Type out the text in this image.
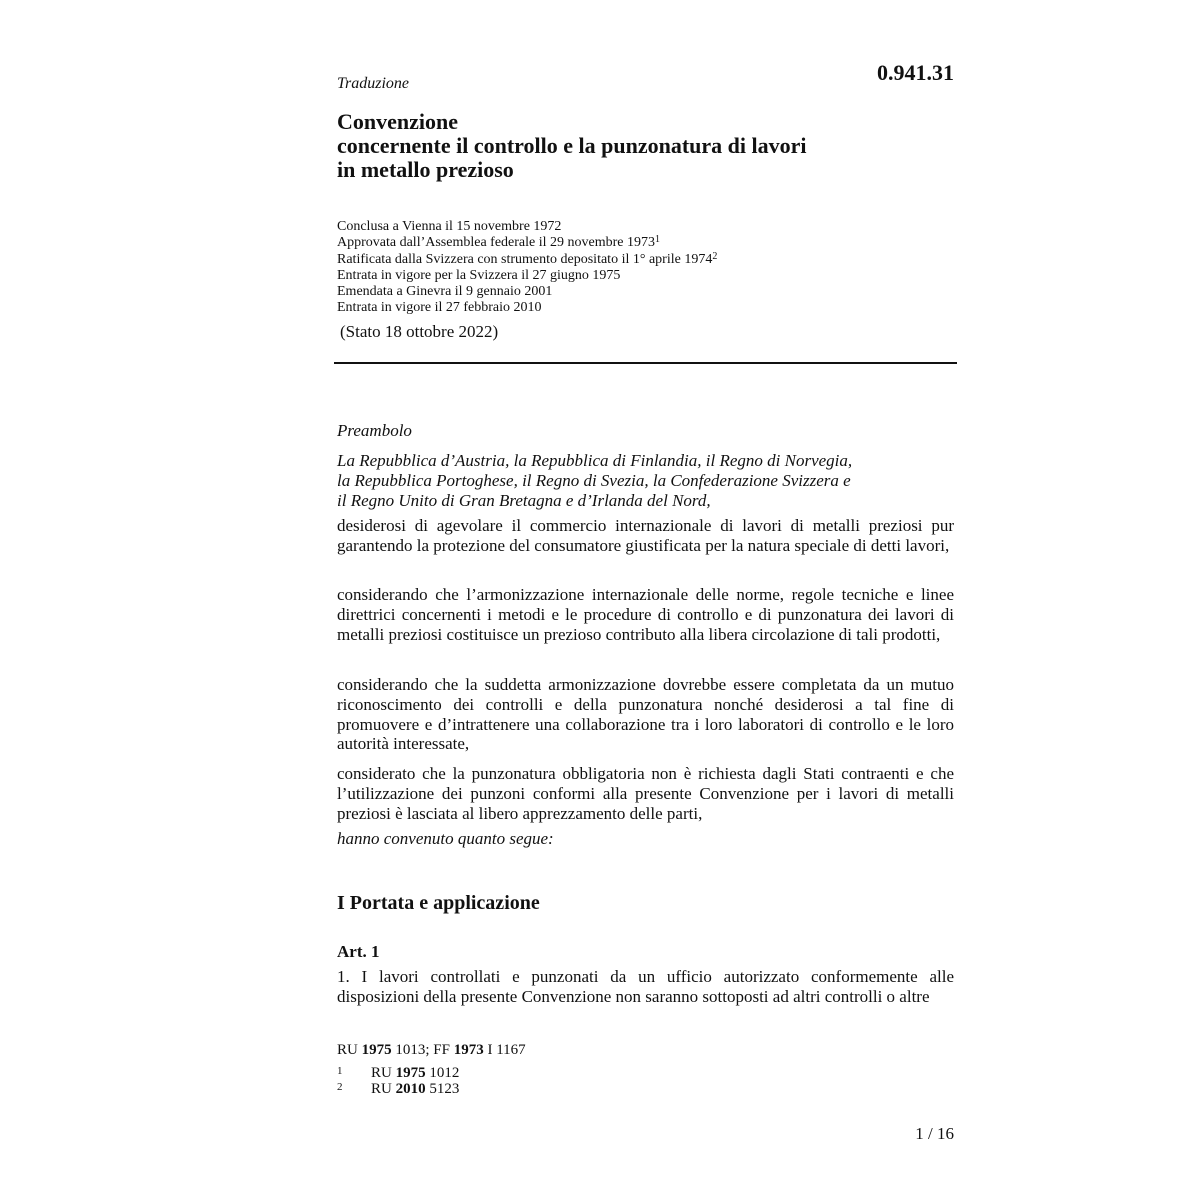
0.941.31
Traduzione
Convenzione
concernente il controllo e la punzonatura di lavori
in metallo prezioso
Conclusa a Vienna il 15 novembre 1972
Approvata dall’Assemblea federale il 29 novembre 1973$^1$
Ratificata dalla Svizzera con strumento depositato il 1° aprile 1974$^2$
Entrata in vigore per la Svizzera il 27 giugno 1975
Emendata a Ginevra il 9 gennaio 2001
Entrata in vigore il 27 febbraio 2010
(Stato 18 ottobre 2022)
Preambolo
La Repubblica d’Austria, la Repubblica di Finlandia, il Regno di Norvegia,
la Repubblica Portoghese, il Regno di Svezia, la Confederazione Svizzera e
il Regno Unito di Gran Bretagna e d’Irlanda del Nord,
desiderosi di agevolare il commercio internazionale di lavori di metalli preziosi pur garantendo la protezione del consumatore giustificata per la natura speciale di detti lavori,
considerando che l’armonizzazione internazionale delle norme, regole tecniche e linee direttrici concernenti i metodi e le procedure di controllo e di punzonatura dei lavori di metalli preziosi costituisce un prezioso contributo alla libera circolazione di tali prodotti,
considerando che la suddetta armonizzazione dovrebbe essere completata da un mutuo riconoscimento dei controlli e della punzonatura nonché desiderosi a tal fine di promuovere e d’intrattenere una collaborazione tra i loro laboratori di controllo e le loro autorità interessate,
considerato che la punzonatura obbligatoria non è richiesta dagli Stati contraenti e che l’utilizzazione dei punzoni conformi alla presente Convenzione per i lavori di metalli preziosi è lasciata al libero apprezzamento delle parti,
hanno convenuto quanto segue:
I Portata e applicazione
Art. 1
1. I lavori controllati e punzonati da un ufficio autorizzato conformemente alle disposizioni della presente Convenzione non saranno sottoposti ad altri controlli o altre
RU 1975 1013; FF 1973 I 1167
1 RU 1975 1012
2 RU 2010 5123
1 / 16
